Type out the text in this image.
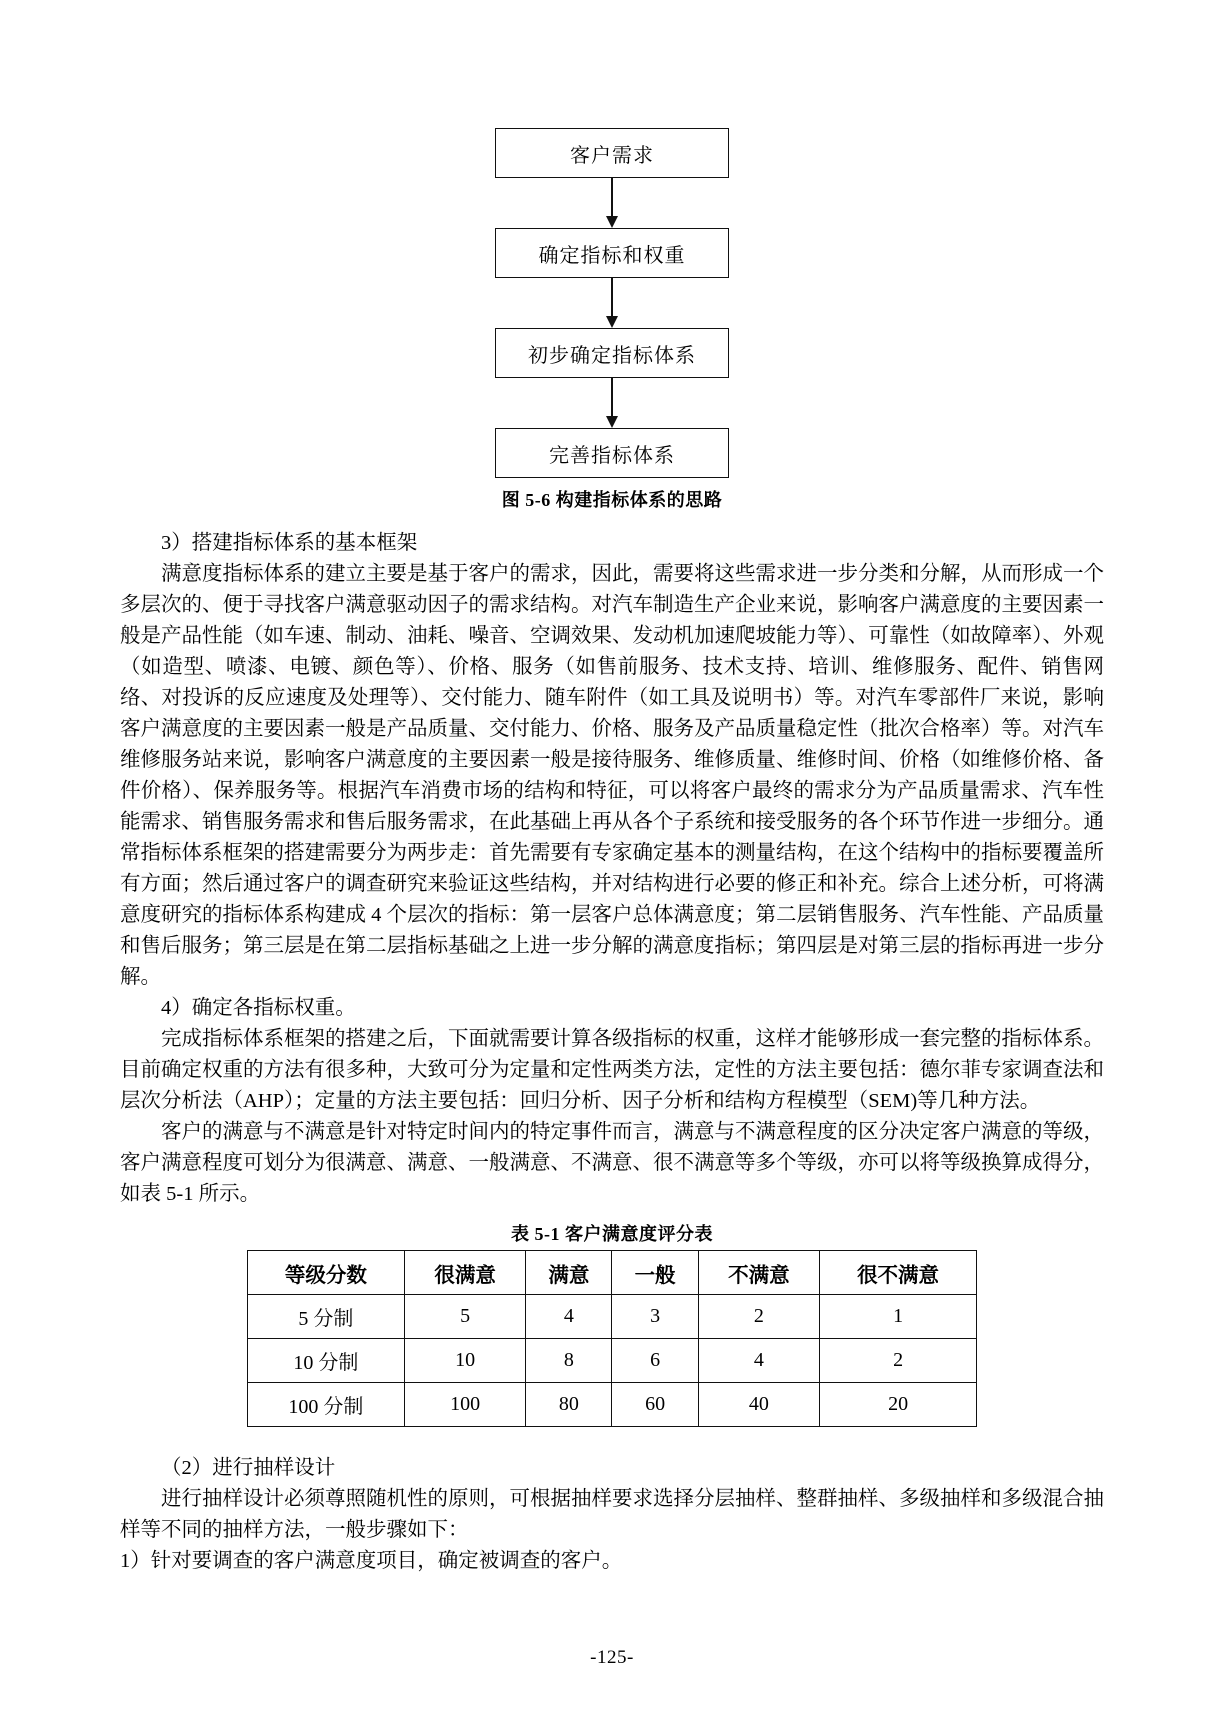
客户需求
确定指标和权重
初步确定指标体系
完善指标体系
图 5-6 构建指标体系的思路

3）搭建指标体系的基本框架

满意度指标体系的建立主要是基于客户的需求，因此，需要将这些需求进一步分类和分解，从而形成一个多层次的、便于寻找客户满意驱动因子的需求结构。对汽车制造生产企业来说，影响客户满意度的主要因素一般是产品性能（如车速、制动、油耗、噪音、空调效果、发动机加速爬坡能力等）、可靠性（如故障率）、外观（如造型、喷漆、电镀、颜色等）、价格、服务（如售前服务、技术支持、培训、维修服务、配件、销售网络、对投诉的反应速度及处理等）、交付能力、随车附件（如工具及说明书）等。对汽车零部件厂来说，影响客户满意度的主要因素一般是产品质量、交付能力、价格、服务及产品质量稳定性（批次合格率）等。对汽车维修服务站来说，影响客户满意度的主要因素一般是接待服务、维修质量、维修时间、价格（如维修价格、备件价格）、保养服务等。根据汽车消费市场的结构和特征，可以将客户最终的需求分为产品质量需求、汽车性能需求、销售服务需求和售后服务需求，在此基础上再从各个子系统和接受服务的各个环节作进一步细分。通常指标体系框架的搭建需要分为两步走：首先需要有专家确定基本的测量结构，在这个结构中的指标要覆盖所有方面；然后通过客户的调查研究来验证这些结构，并对结构进行必要的修正和补充。综合上述分析，可将满意度研究的指标体系构建成 4 个层次的指标：第一层客户总体满意度；第二层销售服务、汽车性能、产品质量和售后服务；第三层是在第二层指标基础之上进一步分解的满意度指标；第四层是对第三层的指标再进一步分解。

4）确定各指标权重。

完成指标体系框架的搭建之后，下面就需要计算各级指标的权重，这样才能够形成一套完整的指标体系。目前确定权重的方法有很多种，大致可分为定量和定性两类方法，定性的方法主要包括：德尔菲专家调查法和层次分析法（AHP）；定量的方法主要包括：回归分析、因子分析和结构方程模型（SEM)等几种方法。

客户的满意与不满意是针对特定时间内的特定事件而言，满意与不满意程度的区分决定客户满意的等级，客户满意程度可划分为很满意、满意、一般满意、不满意、很不满意等多个等级，亦可以将等级换算成得分，如表 5-1 所示。

表 5-1 客户满意度评分表
等级分数	很满意	满意	一般	不满意	很不满意
5 分制	5	4	3	2	1
10 分制	10	8	6	4	2
100 分制	100	80	60	40	20

（2）进行抽样设计

进行抽样设计必须尊照随机性的原则，可根据抽样要求选择分层抽样、整群抽样、多级抽样和多级混合抽样等不同的抽样方法，一般步骤如下：

1）针对要调查的客户满意度项目，确定被调查的客户。

-125-
